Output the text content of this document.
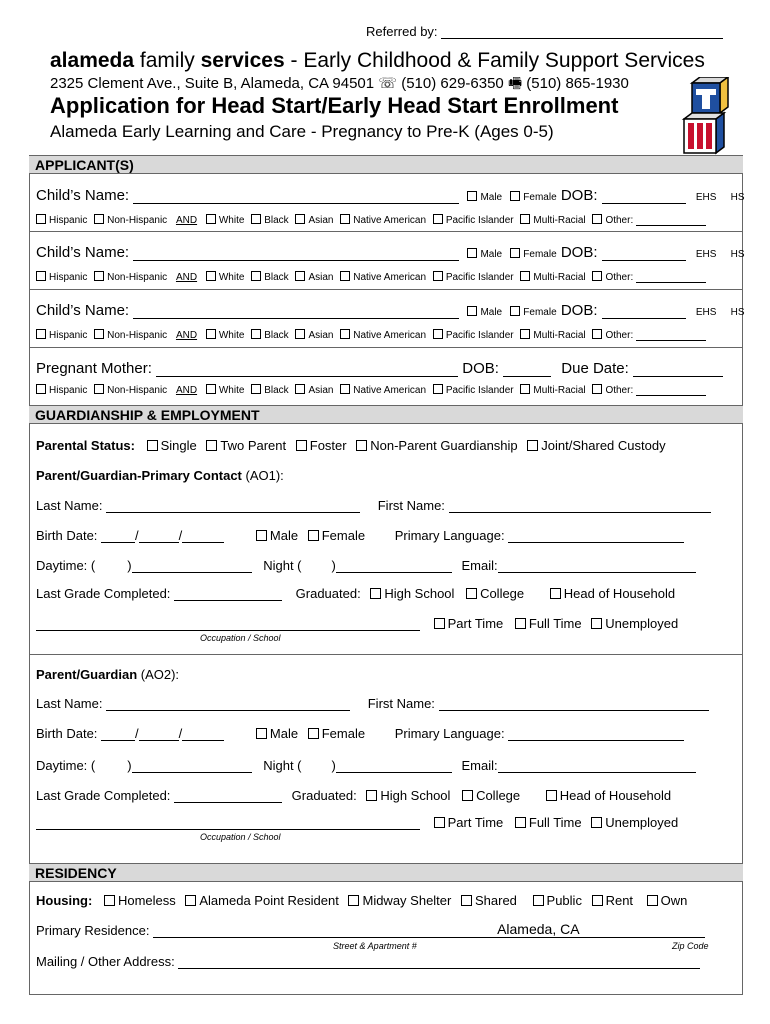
Referred by:
alameda family services - Early Childhood & Family Support Services
2325 Clement Ave., Suite B, Alameda, CA 94501 ☏ (510) 629-6350 🖷 (510) 865-1930
Application for Head Start/Early Head Start Enrollment
Alameda Early Learning and Care - Pregnancy to Pre-K (Ages 0-5)
APPLICANT(S)
Child’s Name:	Male Female DOB:	EHS HS
Hispanic Non-Hispanic AND White Black Asian Native American Pacific Islander Multi-Racial Other:
Child’s Name:	Male Female DOB:	EHS HS
Hispanic Non-Hispanic AND White Black Asian Native American Pacific Islander Multi-Racial Other:
Child’s Name:	Male Female DOB:	EHS HS
Hispanic Non-Hispanic AND White Black Asian Native American Pacific Islander Multi-Racial Other:
Pregnant Mother:	DOB:	Due Date:
Hispanic Non-Hispanic AND White Black Asian Native American Pacific Islander Multi-Racial Other:
GUARDIANSHIP & EMPLOYMENT
Parental Status: Single Two Parent Foster Non-Parent Guardianship Joint/Shared Custody
Parent/Guardian-Primary Contact (AO1):
Last Name:	First Name:
Birth Date:	/	/	Male Female Primary Language:
Daytime: ( )	Night ( )	Email:
Last Grade Completed:	Graduated: High School College	Head of Household
Part Time Full Time Unemployed
Occupation / School
Parent/Guardian (AO2):
Last Name:	First Name:
Birth Date:	/	/	Male Female Primary Language:
Daytime: ( )	Night ( )	Email:
Last Grade Completed:	Graduated: High School College	Head of Household
Part Time Full Time Unemployed
Occupation / School
RESIDENCY
Housing: Homeless Alameda Point Resident Midway Shelter Shared Public Rent Own
Primary Residence:	Alameda, CA
Street & Apartment #	Zip Code
Mailing / Other Address:
